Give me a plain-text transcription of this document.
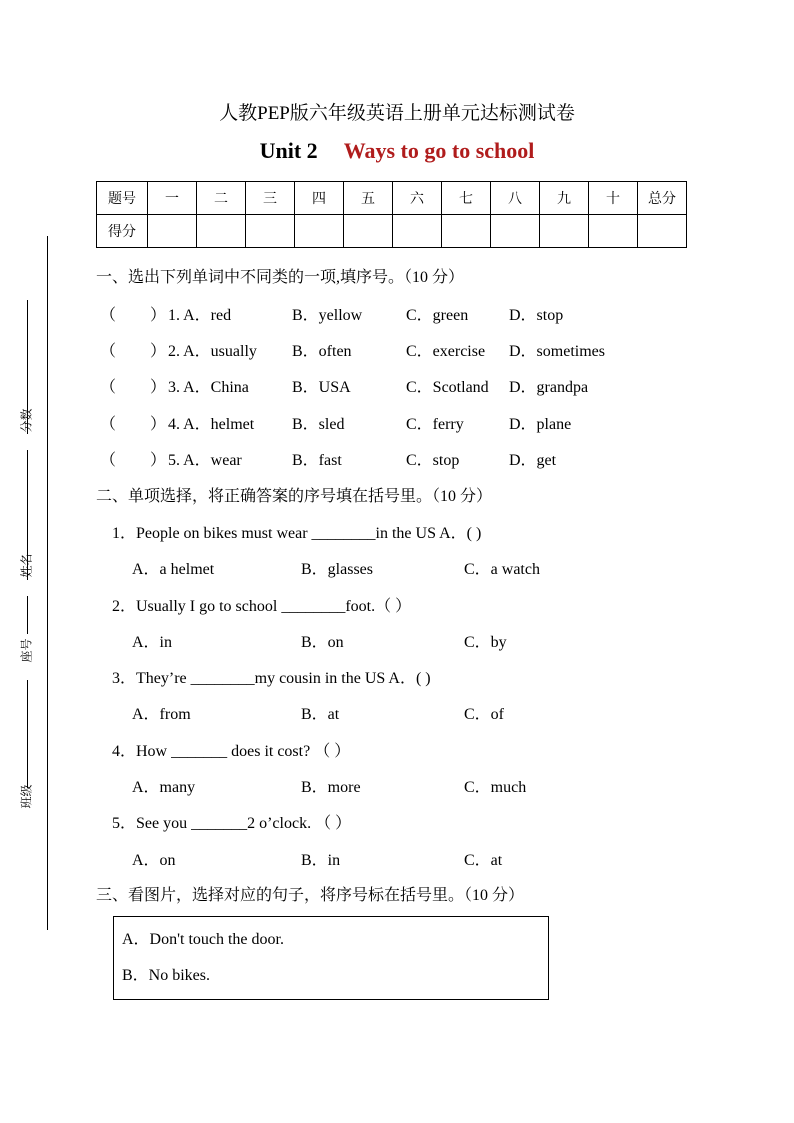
人教PEP版六年级英语上册单元达标测试卷
Unit 2 Ways to go to school
题号	一	二	三	四	五	六	七	八	九	十	总分
得分											
分数
姓名
座号
班级
一、选出下列单词中不同类的一项,填序号。（10 分）
（ ） 1. A．red	B．yellow	C．green	D．stop
（ ） 2. A．usually B．often	C．exercise D．sometimes
（ ） 3. A．China	B．USA	C．Scotland D．grandpa
（ ） 4. A．helmet B．sled	C．ferry	D．plane
（ ） 5. A．wear	B．fast	C．stop	D．get
二、单项选择，将正确答案的序号填在括号里。（10 分）
1．People on bikes must wear ________in the US A．( )
A．a helmet	B．glasses	C．a watch
2．Usually I go to school ________foot.（ ）
A．in	B．on	C．by
3．They’re ________my cousin in the US A．( )
A．from	B．at	C．of
4．How _______ does it cost? （ ）
A．many	B．more	C．much
5．See you _______2 o’clock. （ ）
A．on	B．in	C．at
三、看图片，选择对应的句子，将序号标在括号里。（10 分）
A．Don't touch the door.
B．No bikes.
